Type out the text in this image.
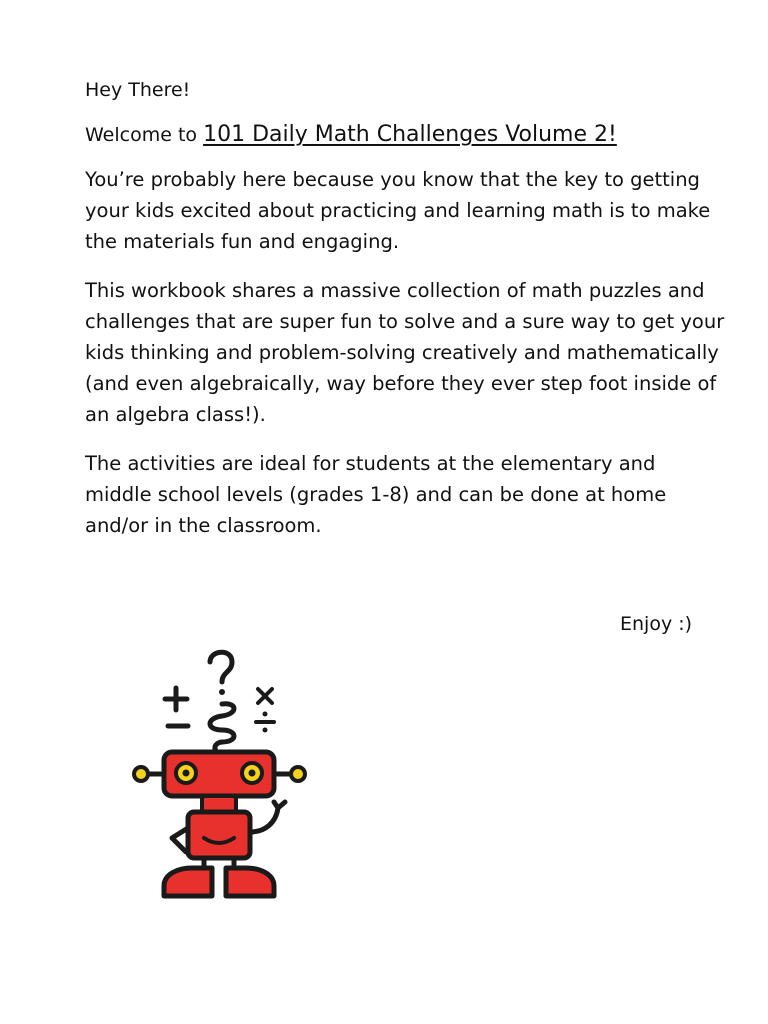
Hey There!

Welcome to 101 Daily Math Challenges Volume 2!

You’re probably here because you know that the key to getting your kids excited about practicing and learning math is to make the materials fun and engaging.

This workbook shares a massive collection of math puzzles and challenges that are super fun to solve and a sure way to get your kids thinking and problem-solving creatively and mathematically (and even algebraically, way before they ever step foot inside of an algebra class!).

The activities are ideal for students at the elementary and middle school levels (grades 1-8) and can be done at home and/or in the classroom.

Enjoy :)
